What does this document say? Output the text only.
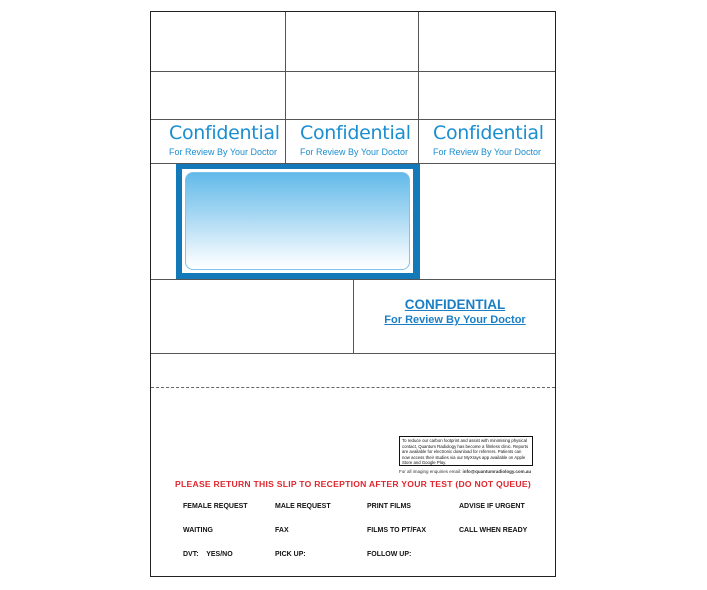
Confidential
For Review By Your Doctor
Confidential
For Review By Your Doctor
Confidential
For Review By Your Doctor
CONFIDENTIAL
For Review By Your Doctor
To reduce our carbon footprint and assist with minimising physical contact, Quantum Radiology has become a filmless clinic. Reports are available for electronic download for referrers. Patients can now access their studies via our MyXrays app available on Apple Store and Google Play.
For all imaging enquiries email: info@quantumradiology.com.au
PLEASE RETURN THIS SLIP TO RECEPTION AFTER YOUR TEST (DO NOT QUEUE)
FEMALE REQUEST	MALE REQUEST	PRINT FILMS	ADVISE IF URGENT
WAITING	FAX	FILMS TO PT/FAX	CALL WHEN READY
DVT:    YES/NO	PICK UP:	FOLLOW UP:
